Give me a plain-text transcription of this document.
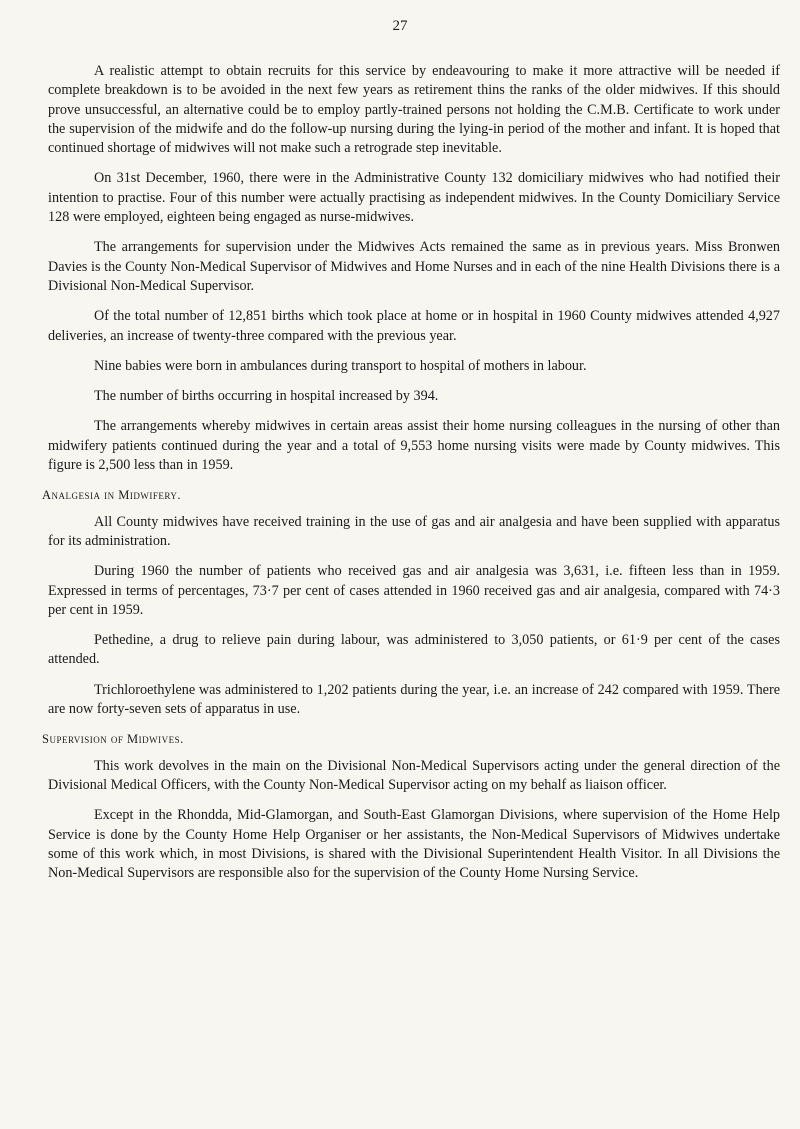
27

A realistic attempt to obtain recruits for this service by endeavouring to make it more attractive will be needed if complete breakdown is to be avoided in the next few years as retirement thins the ranks of the older midwives. If this should prove unsuccessful, an alternative could be to employ partly-trained persons not holding the C.M.B. Certificate to work under the supervision of the midwife and do the follow-up nursing during the lying-in period of the mother and infant. It is hoped that continued shortage of midwives will not make such a retrograde step inevitable.

On 31st December, 1960, there were in the Administrative County 132 domiciliary midwives who had notified their intention to practise. Four of this number were actually practising as independent midwives. In the County Domiciliary Service 128 were employed, eighteen being engaged as nurse-midwives.

The arrangements for supervision under the Midwives Acts remained the same as in previous years. Miss Bronwen Davies is the County Non-Medical Supervisor of Midwives and Home Nurses and in each of the nine Health Divisions there is a Divisional Non-Medical Supervisor.

Of the total number of 12,851 births which took place at home or in hospital in 1960 County midwives attended 4,927 deliveries, an increase of twenty-three compared with the previous year.

Nine babies were born in ambulances during transport to hospital of mothers in labour.

The number of births occurring in hospital increased by 394.

The arrangements whereby midwives in certain areas assist their home nursing colleagues in the nursing of other than midwifery patients continued during the year and a total of 9,553 home nursing visits were made by County midwives. This figure is 2,500 less than in 1959.

Analgesia in Midwifery.

All County midwives have received training in the use of gas and air analgesia and have been supplied with apparatus for its administration.

During 1960 the number of patients who received gas and air analgesia was 3,631, i.e. fifteen less than in 1959. Expressed in terms of percentages, 73·7 per cent of cases attended in 1960 received gas and air analgesia, compared with 74·3 per cent in 1959.

Pethedine, a drug to relieve pain during labour, was administered to 3,050 patients, or 61·9 per cent of the cases attended.

Trichloroethylene was administered to 1,202 patients during the year, i.e. an increase of 242 compared with 1959. There are now forty-seven sets of apparatus in use.

Supervision of Midwives.

This work devolves in the main on the Divisional Non-Medical Supervisors acting under the general direction of the Divisional Medical Officers, with the County Non-Medical Supervisor acting on my behalf as liaison officer.

Except in the Rhondda, Mid-Glamorgan, and South-East Glamorgan Divisions, where supervision of the Home Help Service is done by the County Home Help Organiser or her assistants, the Non-Medical Supervisors of Midwives undertake some of this work which, in most Divisions, is shared with the Divisional Superintendent Health Visitor. In all Divisions the Non-Medical Supervisors are responsible also for the supervision of the County Home Nursing Service.
